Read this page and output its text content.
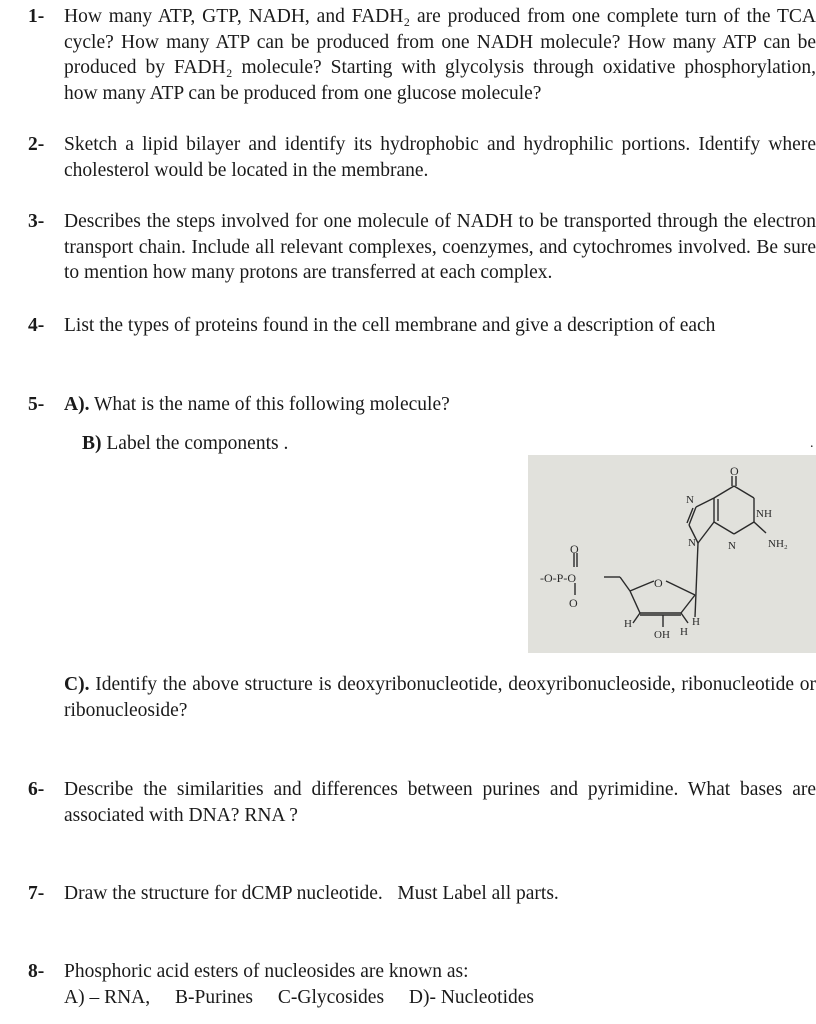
1- How many ATP, GTP, NADH, and FADH₂ are produced from one complete turn of the TCA cycle? How many ATP can be produced from one NADH molecule? How many ATP can be produced by FADH₂ molecule? Starting with glycolysis through oxidative phosphorylation, how many ATP can be produced from one glucose molecule?
2- Sketch a lipid bilayer and identify its hydrophobic and hydrophilic portions. Identify where cholesterol would be located in the membrane.
3- Describes the steps involved for one molecule of NADH to be transported through the electron transport chain. Include all relevant complexes, coenzymes, and cytochromes involved. Be sure to mention how many protons are transferred at each complex.
4- List the types of proteins found in the cell membrane and give a description of each
5- A). What is the name of this following molecule?
B) Label the components .	.
O
NH
NH₂
N
N	N
O
-O-P-O
O
O
H
OH H
H
C). Identify the above structure is deoxyribonucleotide, deoxyribonucleoside, ribonucleotide or ribonucleoside?
6- Describe the similarities and differences between purines and pyrimidine. What bases are associated with DNA? RNA ?
7- Draw the structure for dCMP nucleotide.   Must Label all parts.
8- Phosphoric acid esters of nucleosides are known as:
A) – RNA, B-Purines C-Glycosides D)- Nucleotides
